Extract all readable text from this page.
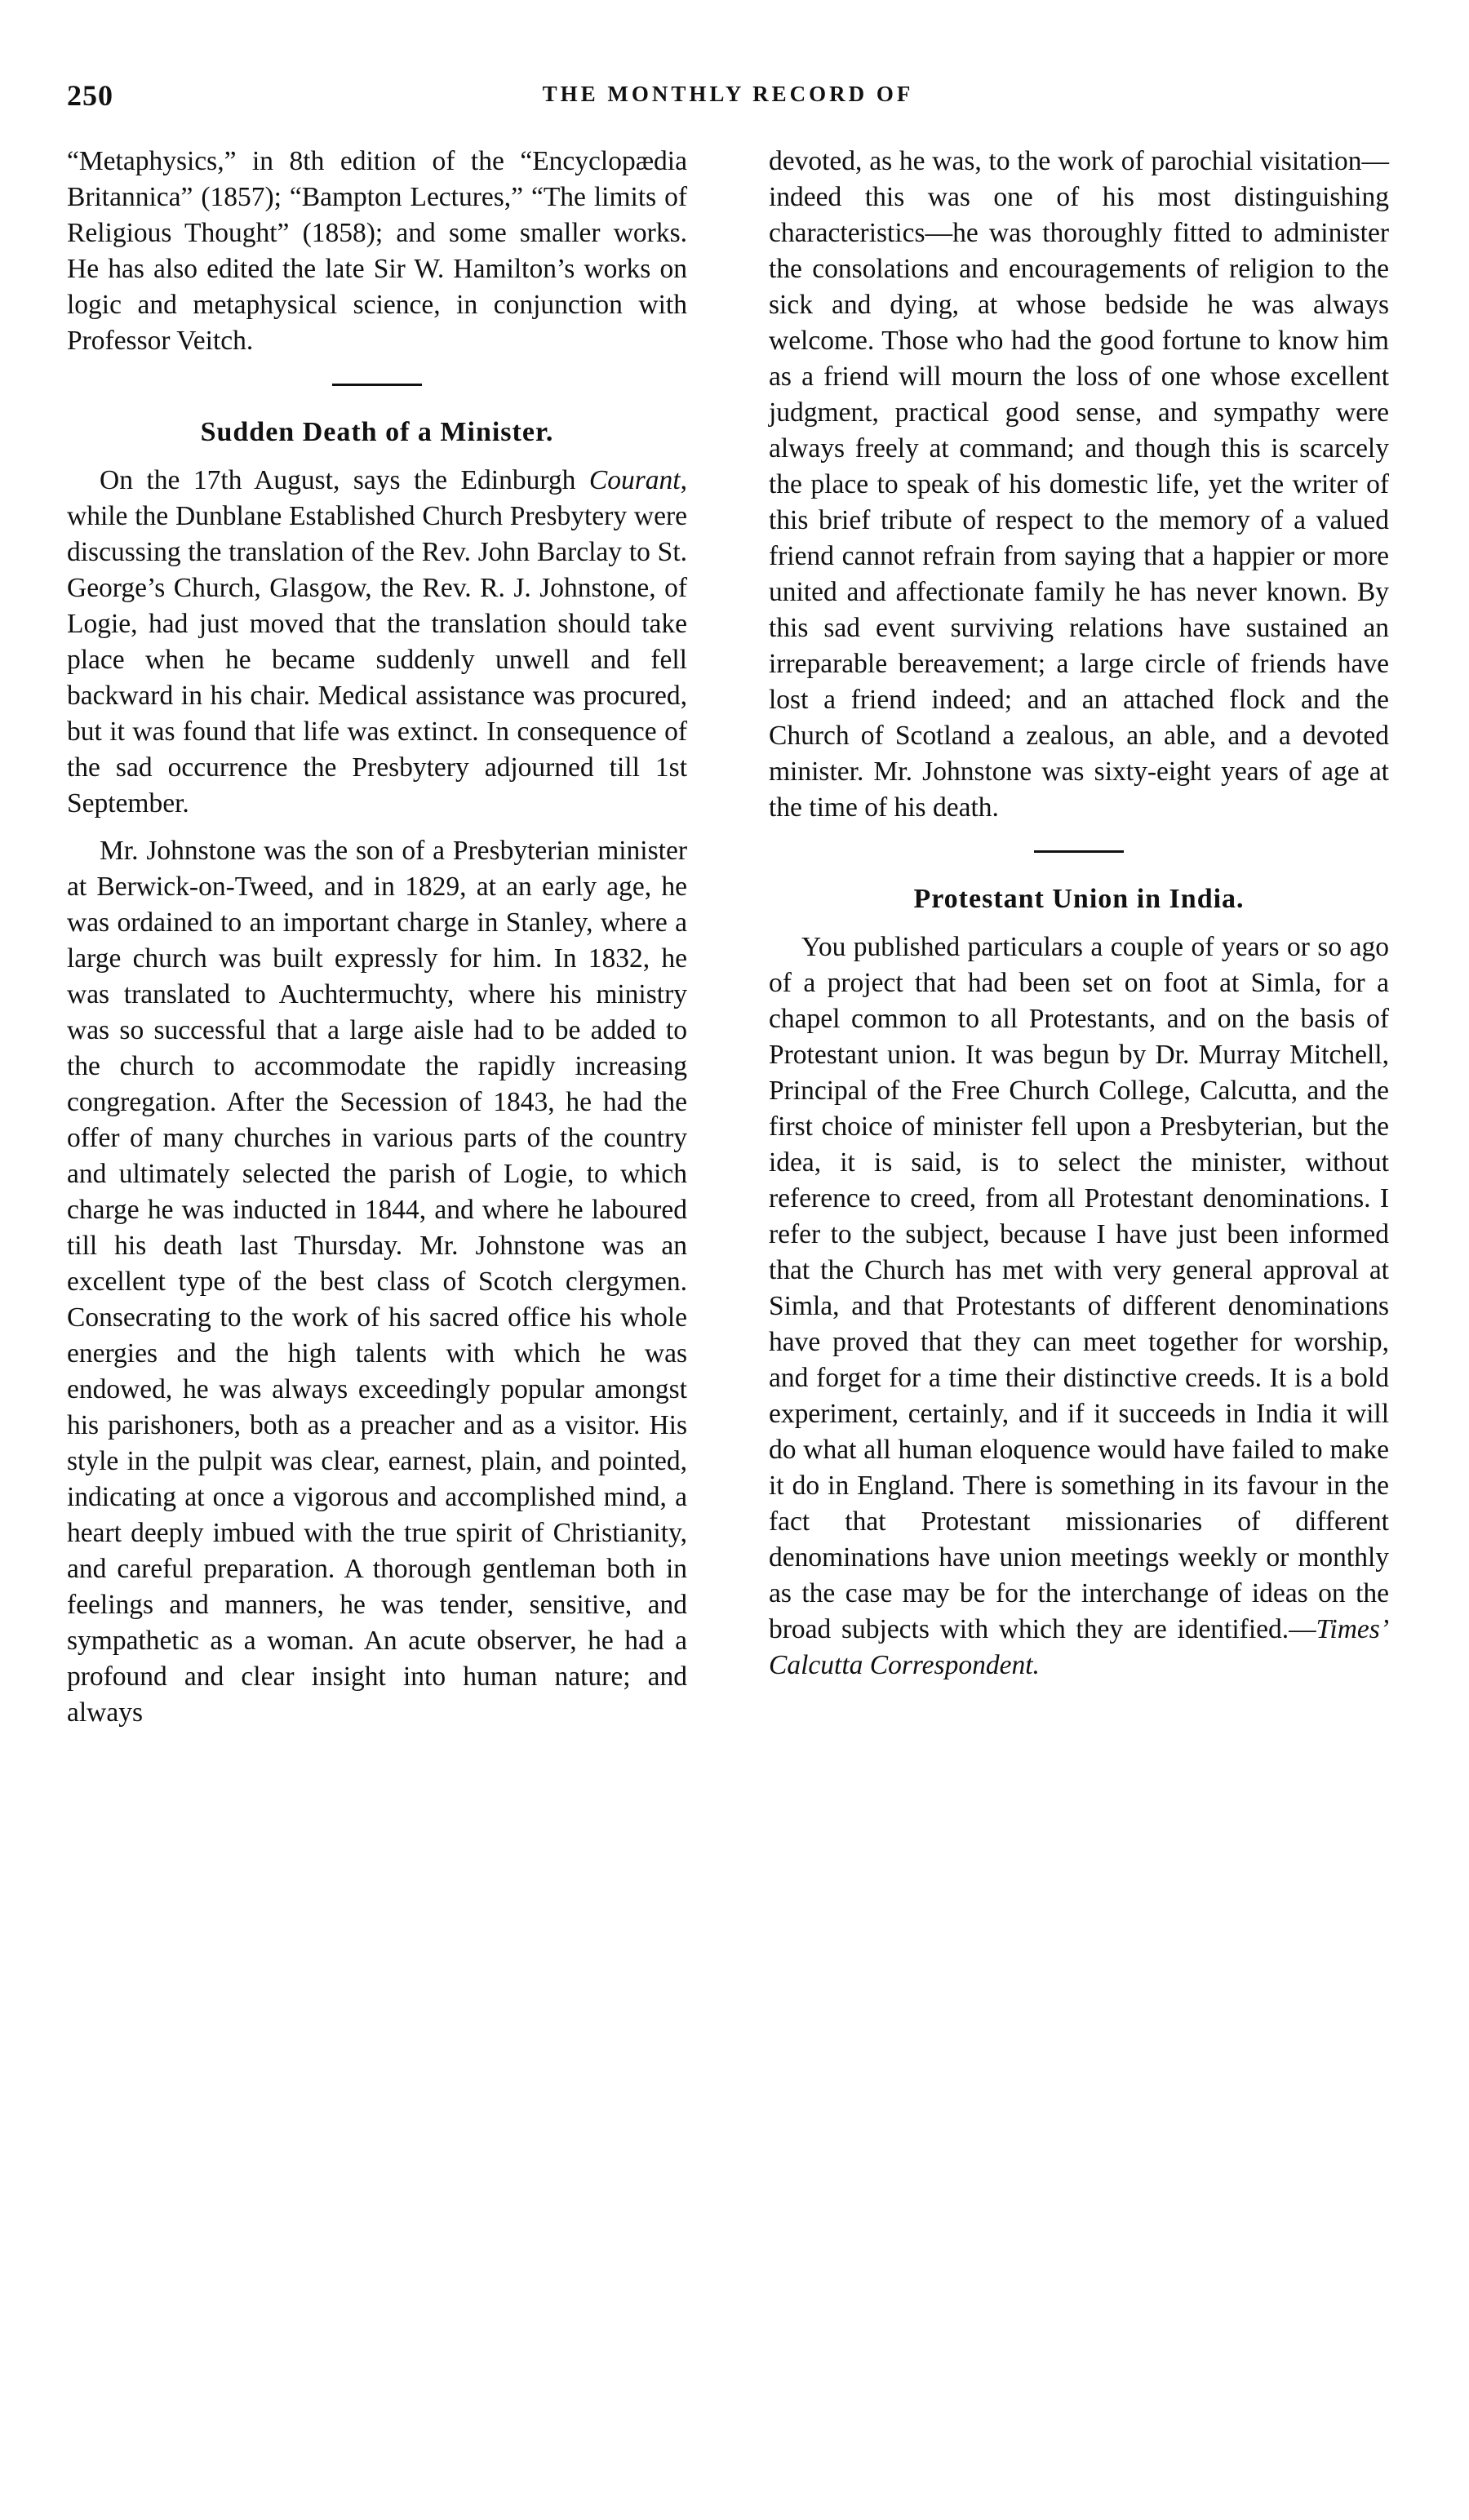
250	THE MONTHLY RECORD OF

“Metaphysics,” in 8th edition of the “Encyclopædia Britannica” (1857); “Bampton Lectures,” “The limits of Religious Thought” (1858); and some smaller works. He has also edited the late Sir W. Hamilton’s works on logic and metaphysical science, in conjunction with Professor Veitch.

Sudden Death of a Minister.

On the 17th August, says the Edinburgh Courant, while the Dunblane Established Church Presbytery were discussing the translation of the Rev. John Barclay to St. George’s Church, Glasgow, the Rev. R. J. Johnstone, of Logie, had just moved that the translation should take place when he became suddenly unwell and fell backward in his chair. Medical assistance was procured, but it was found that life was extinct. In consequence of the sad occurrence the Presbytery adjourned till 1st September.

Mr. Johnstone was the son of a Presbyterian minister at Berwick-on-Tweed, and in 1829, at an early age, he was ordained to an important charge in Stanley, where a large church was built expressly for him. In 1832, he was translated to Auchtermuchty, where his ministry was so successful that a large aisle had to be added to the church to accommodate the rapidly increasing congregation. After the Secession of 1843, he had the offer of many churches in various parts of the country and ultimately selected the parish of Logie, to which charge he was inducted in 1844, and where he laboured till his death last Thursday. Mr. Johnstone was an excellent type of the best class of Scotch clergymen. Consecrating to the work of his sacred office his whole energies and the high talents with which he was endowed, he was always exceedingly popular amongst his parishoners, both as a preacher and as a visitor. His style in the pulpit was clear, earnest, plain, and pointed, indicating at once a vigorous and accomplished mind, a heart deeply imbued with the true spirit of Christianity, and careful preparation. A thorough gentleman both in feelings and manners, he was tender, sensitive, and sympathetic as a woman. An acute observer, he had a profound and clear insight into human nature; and always

devoted, as he was, to the work of parochial visitation—indeed this was one of his most distinguishing characteristics—he was thoroughly fitted to administer the consolations and encouragements of religion to the sick and dying, at whose bedside he was always welcome. Those who had the good fortune to know him as a friend will mourn the loss of one whose excellent judgment, practical good sense, and sympathy were always freely at command; and though this is scarcely the place to speak of his domestic life, yet the writer of this brief tribute of respect to the memory of a valued friend cannot refrain from saying that a happier or more united and affectionate family he has never known. By this sad event surviving relations have sustained an irreparable bereavement; a large circle of friends have lost a friend indeed; and an attached flock and the Church of Scotland a zealous, an able, and a devoted minister. Mr. Johnstone was sixty-eight years of age at the time of his death.

Protestant Union in India.

You published particulars a couple of years or so ago of a project that had been set on foot at Simla, for a chapel common to all Protestants, and on the basis of Protestant union. It was begun by Dr. Murray Mitchell, Principal of the Free Church College, Calcutta, and the first choice of minister fell upon a Presbyterian, but the idea, it is said, is to select the minister, without reference to creed, from all Protestant denominations. I refer to the subject, because I have just been informed that the Church has met with very general approval at Simla, and that Protestants of different denominations have proved that they can meet together for worship, and forget for a time their distinctive creeds. It is a bold experiment, certainly, and if it succeeds in India it will do what all human eloquence would have failed to make it do in England. There is something in its favour in the fact that Protestant missionaries of different denominations have union meetings weekly or monthly as the case may be for the interchange of ideas on the broad subjects with which they are identified.—Times’ Calcutta Correspondent.
